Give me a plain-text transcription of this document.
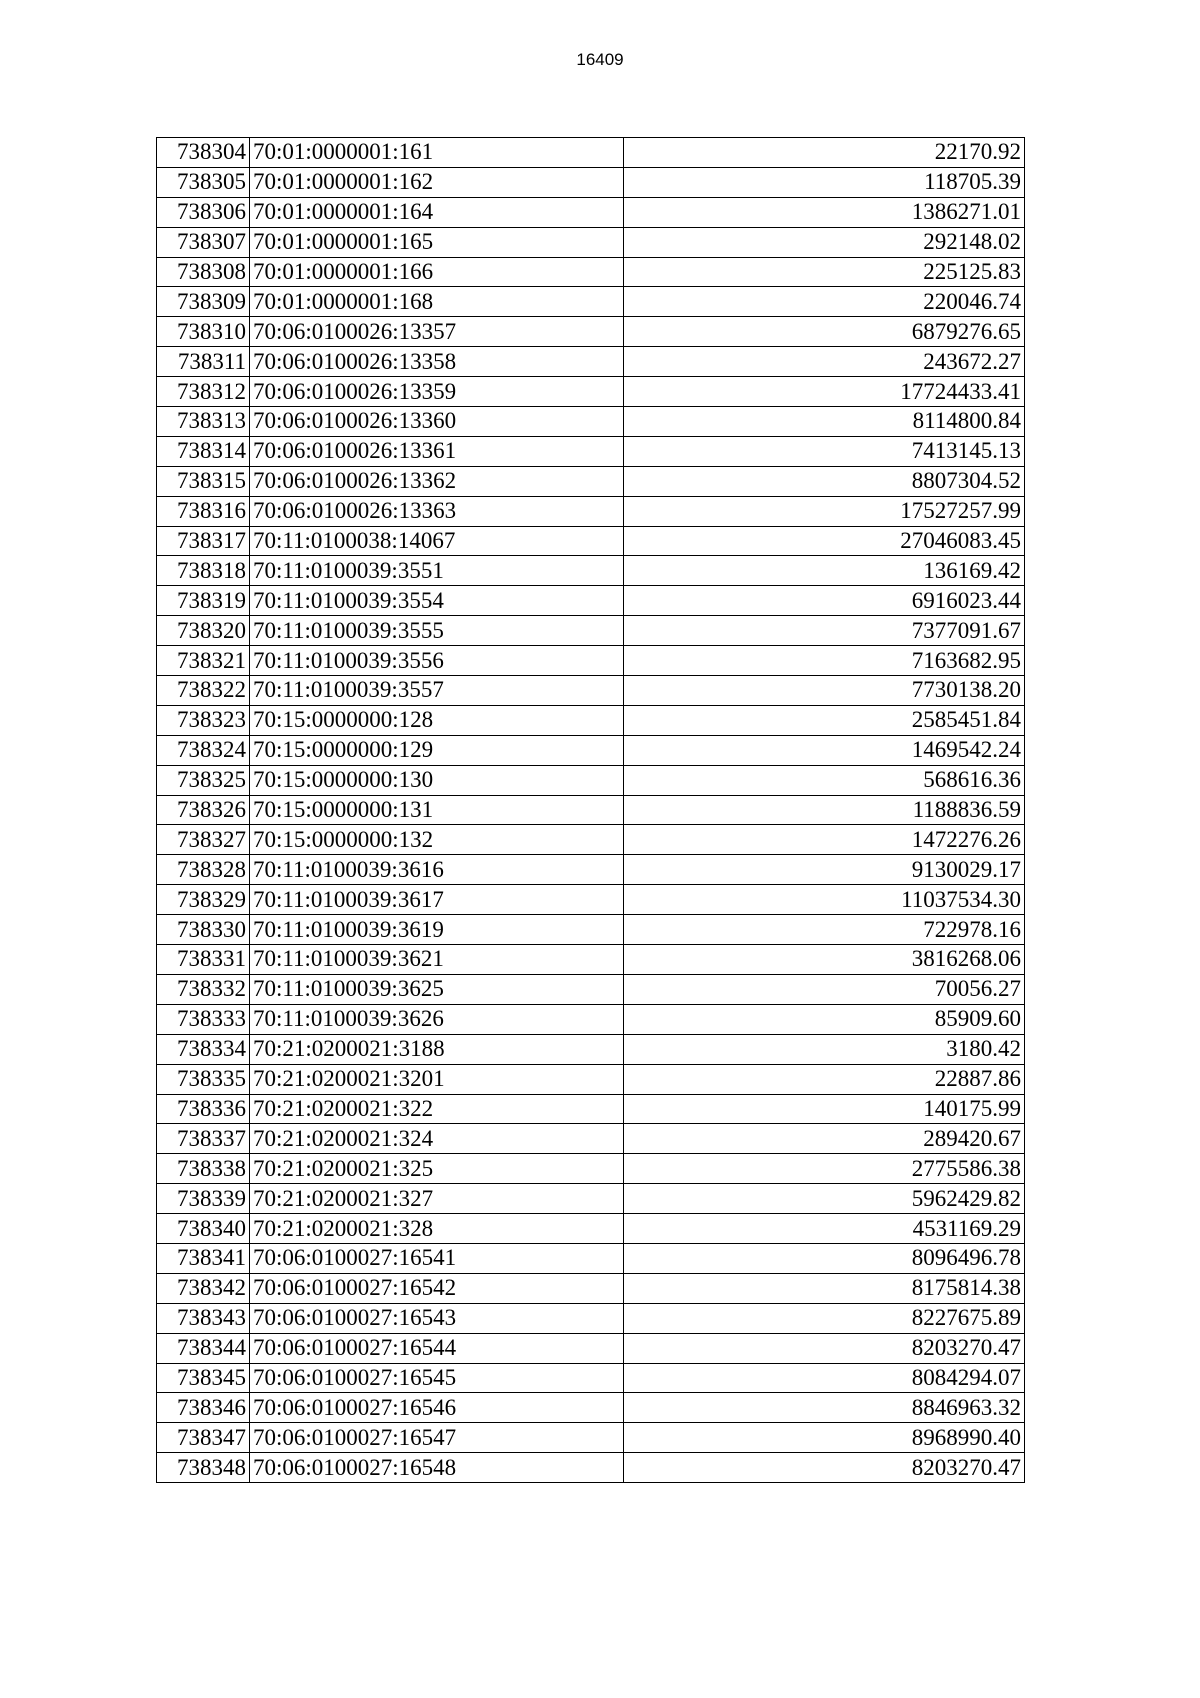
16409
738304	70:01:0000001:161	22170.92
738305	70:01:0000001:162	118705.39
738306	70:01:0000001:164	1386271.01
738307	70:01:0000001:165	292148.02
738308	70:01:0000001:166	225125.83
738309	70:01:0000001:168	220046.74
738310	70:06:0100026:13357	6879276.65
738311	70:06:0100026:13358	243672.27
738312	70:06:0100026:13359	17724433.41
738313	70:06:0100026:13360	8114800.84
738314	70:06:0100026:13361	7413145.13
738315	70:06:0100026:13362	8807304.52
738316	70:06:0100026:13363	17527257.99
738317	70:11:0100038:14067	27046083.45
738318	70:11:0100039:3551	136169.42
738319	70:11:0100039:3554	6916023.44
738320	70:11:0100039:3555	7377091.67
738321	70:11:0100039:3556	7163682.95
738322	70:11:0100039:3557	7730138.20
738323	70:15:0000000:128	2585451.84
738324	70:15:0000000:129	1469542.24
738325	70:15:0000000:130	568616.36
738326	70:15:0000000:131	1188836.59
738327	70:15:0000000:132	1472276.26
738328	70:11:0100039:3616	9130029.17
738329	70:11:0100039:3617	11037534.30
738330	70:11:0100039:3619	722978.16
738331	70:11:0100039:3621	3816268.06
738332	70:11:0100039:3625	70056.27
738333	70:11:0100039:3626	85909.60
738334	70:21:0200021:3188	3180.42
738335	70:21:0200021:3201	22887.86
738336	70:21:0200021:322	140175.99
738337	70:21:0200021:324	289420.67
738338	70:21:0200021:325	2775586.38
738339	70:21:0200021:327	5962429.82
738340	70:21:0200021:328	4531169.29
738341	70:06:0100027:16541	8096496.78
738342	70:06:0100027:16542	8175814.38
738343	70:06:0100027:16543	8227675.89
738344	70:06:0100027:16544	8203270.47
738345	70:06:0100027:16545	8084294.07
738346	70:06:0100027:16546	8846963.32
738347	70:06:0100027:16547	8968990.40
738348	70:06:0100027:16548	8203270.47
